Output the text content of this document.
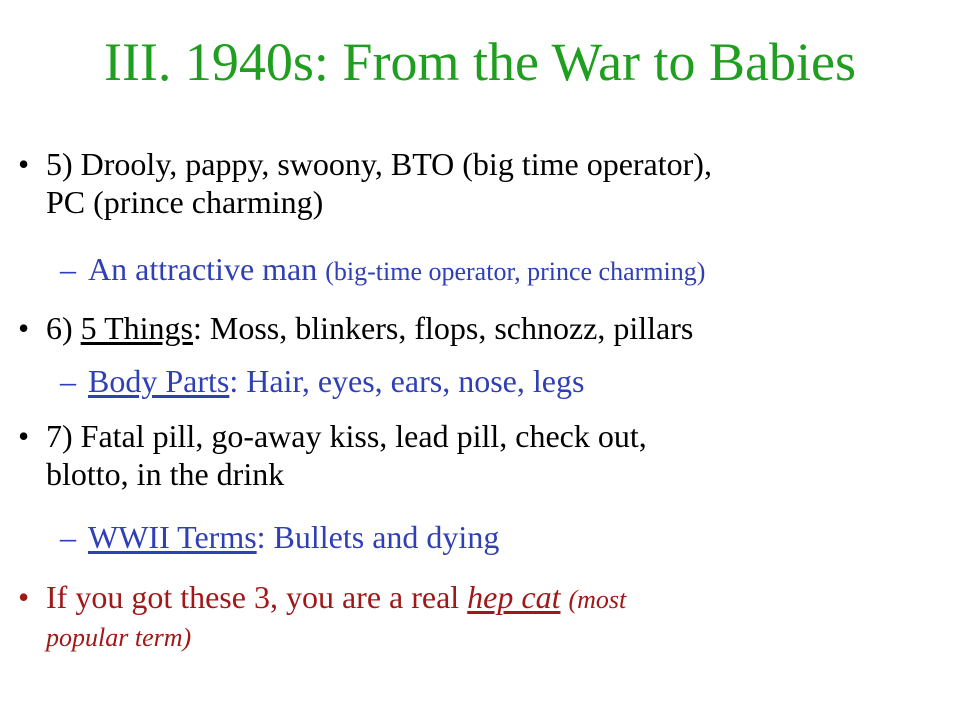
III. 1940s: From the War to Babies
• 5) Drooly, pappy, swoony, BTO (big time operator),
PC (prince charming)
– An attractive man (big-time operator, prince charming)
• 6) 5 Things: Moss, blinkers, flops, schnozz, pillars
– Body Parts: Hair, eyes, ears, nose, legs
• 7) Fatal pill, go-away kiss, lead pill, check out,
blotto, in the drink
– WWII Terms: Bullets and dying
• If you got these 3, you are a real hep cat (most
popular term)
